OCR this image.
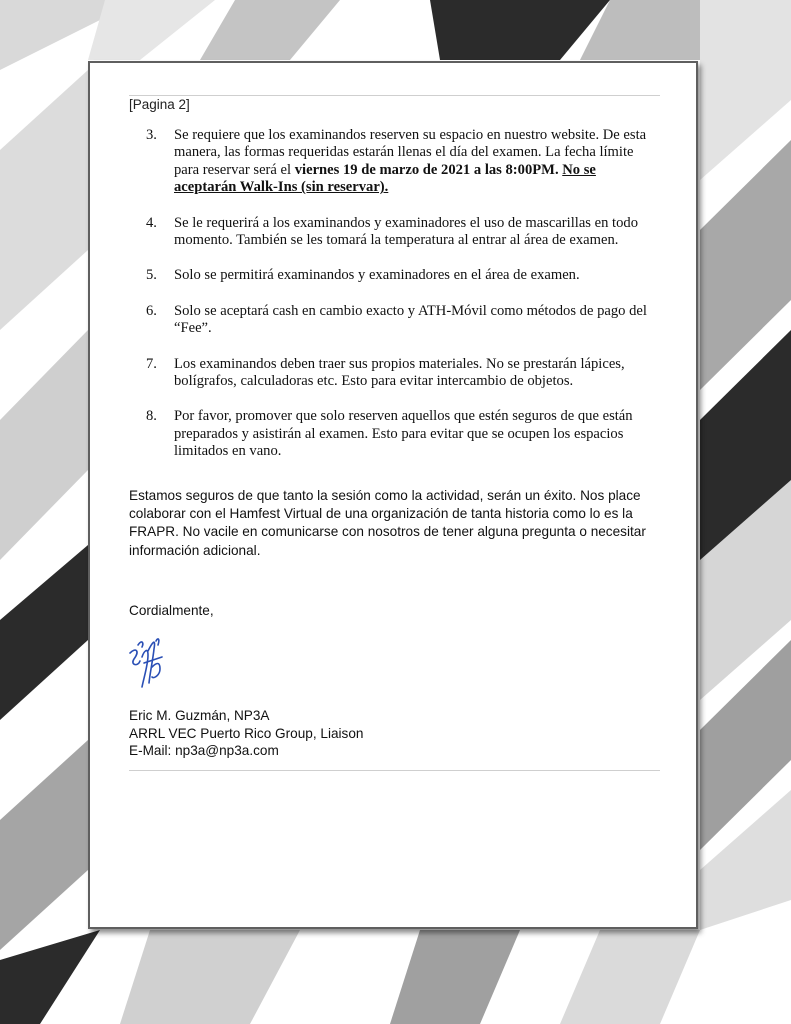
[Pagina 2]
3.	Se requiere que los examinandos reserven su espacio en nuestro website. De esta manera, las formas requeridas estarán llenas el día del examen. La fecha límite para reservar será el viernes 19 de marzo de 2021 a las 8:00PM. No se aceptarán Walk-Ins (sin reservar).
4.	Se le requerirá a los examinandos y examinadores el uso de mascarillas en todo momento. También se les tomará la temperatura al entrar al área de examen.
5.	Solo se permitirá examinandos y examinadores en el área de examen.
6.	Solo se aceptará cash en cambio exacto y ATH-Móvil como métodos de pago del “Fee”.
7.	Los examinandos deben traer sus propios materiales. No se prestarán lápices, bolígrafos, calculadoras etc. Esto para evitar intercambio de objetos.
8.	Por favor, promover que solo reserven aquellos que estén seguros de que están preparados y asistirán al examen. Esto para evitar que se ocupen los espacios limitados en vano.
Estamos seguros de que tanto la sesión como la actividad, serán un éxito. Nos place colaborar con el Hamfest Virtual de una organización de tanta historia como lo es la FRAPR. No vacile en comunicarse con nosotros de tener alguna pregunta o necesitar información adicional.
Cordialmente,
Eric M. Guzmán, NP3A
ARRL VEC Puerto Rico Group, Liaison
E-Mail: np3a@np3a.com
